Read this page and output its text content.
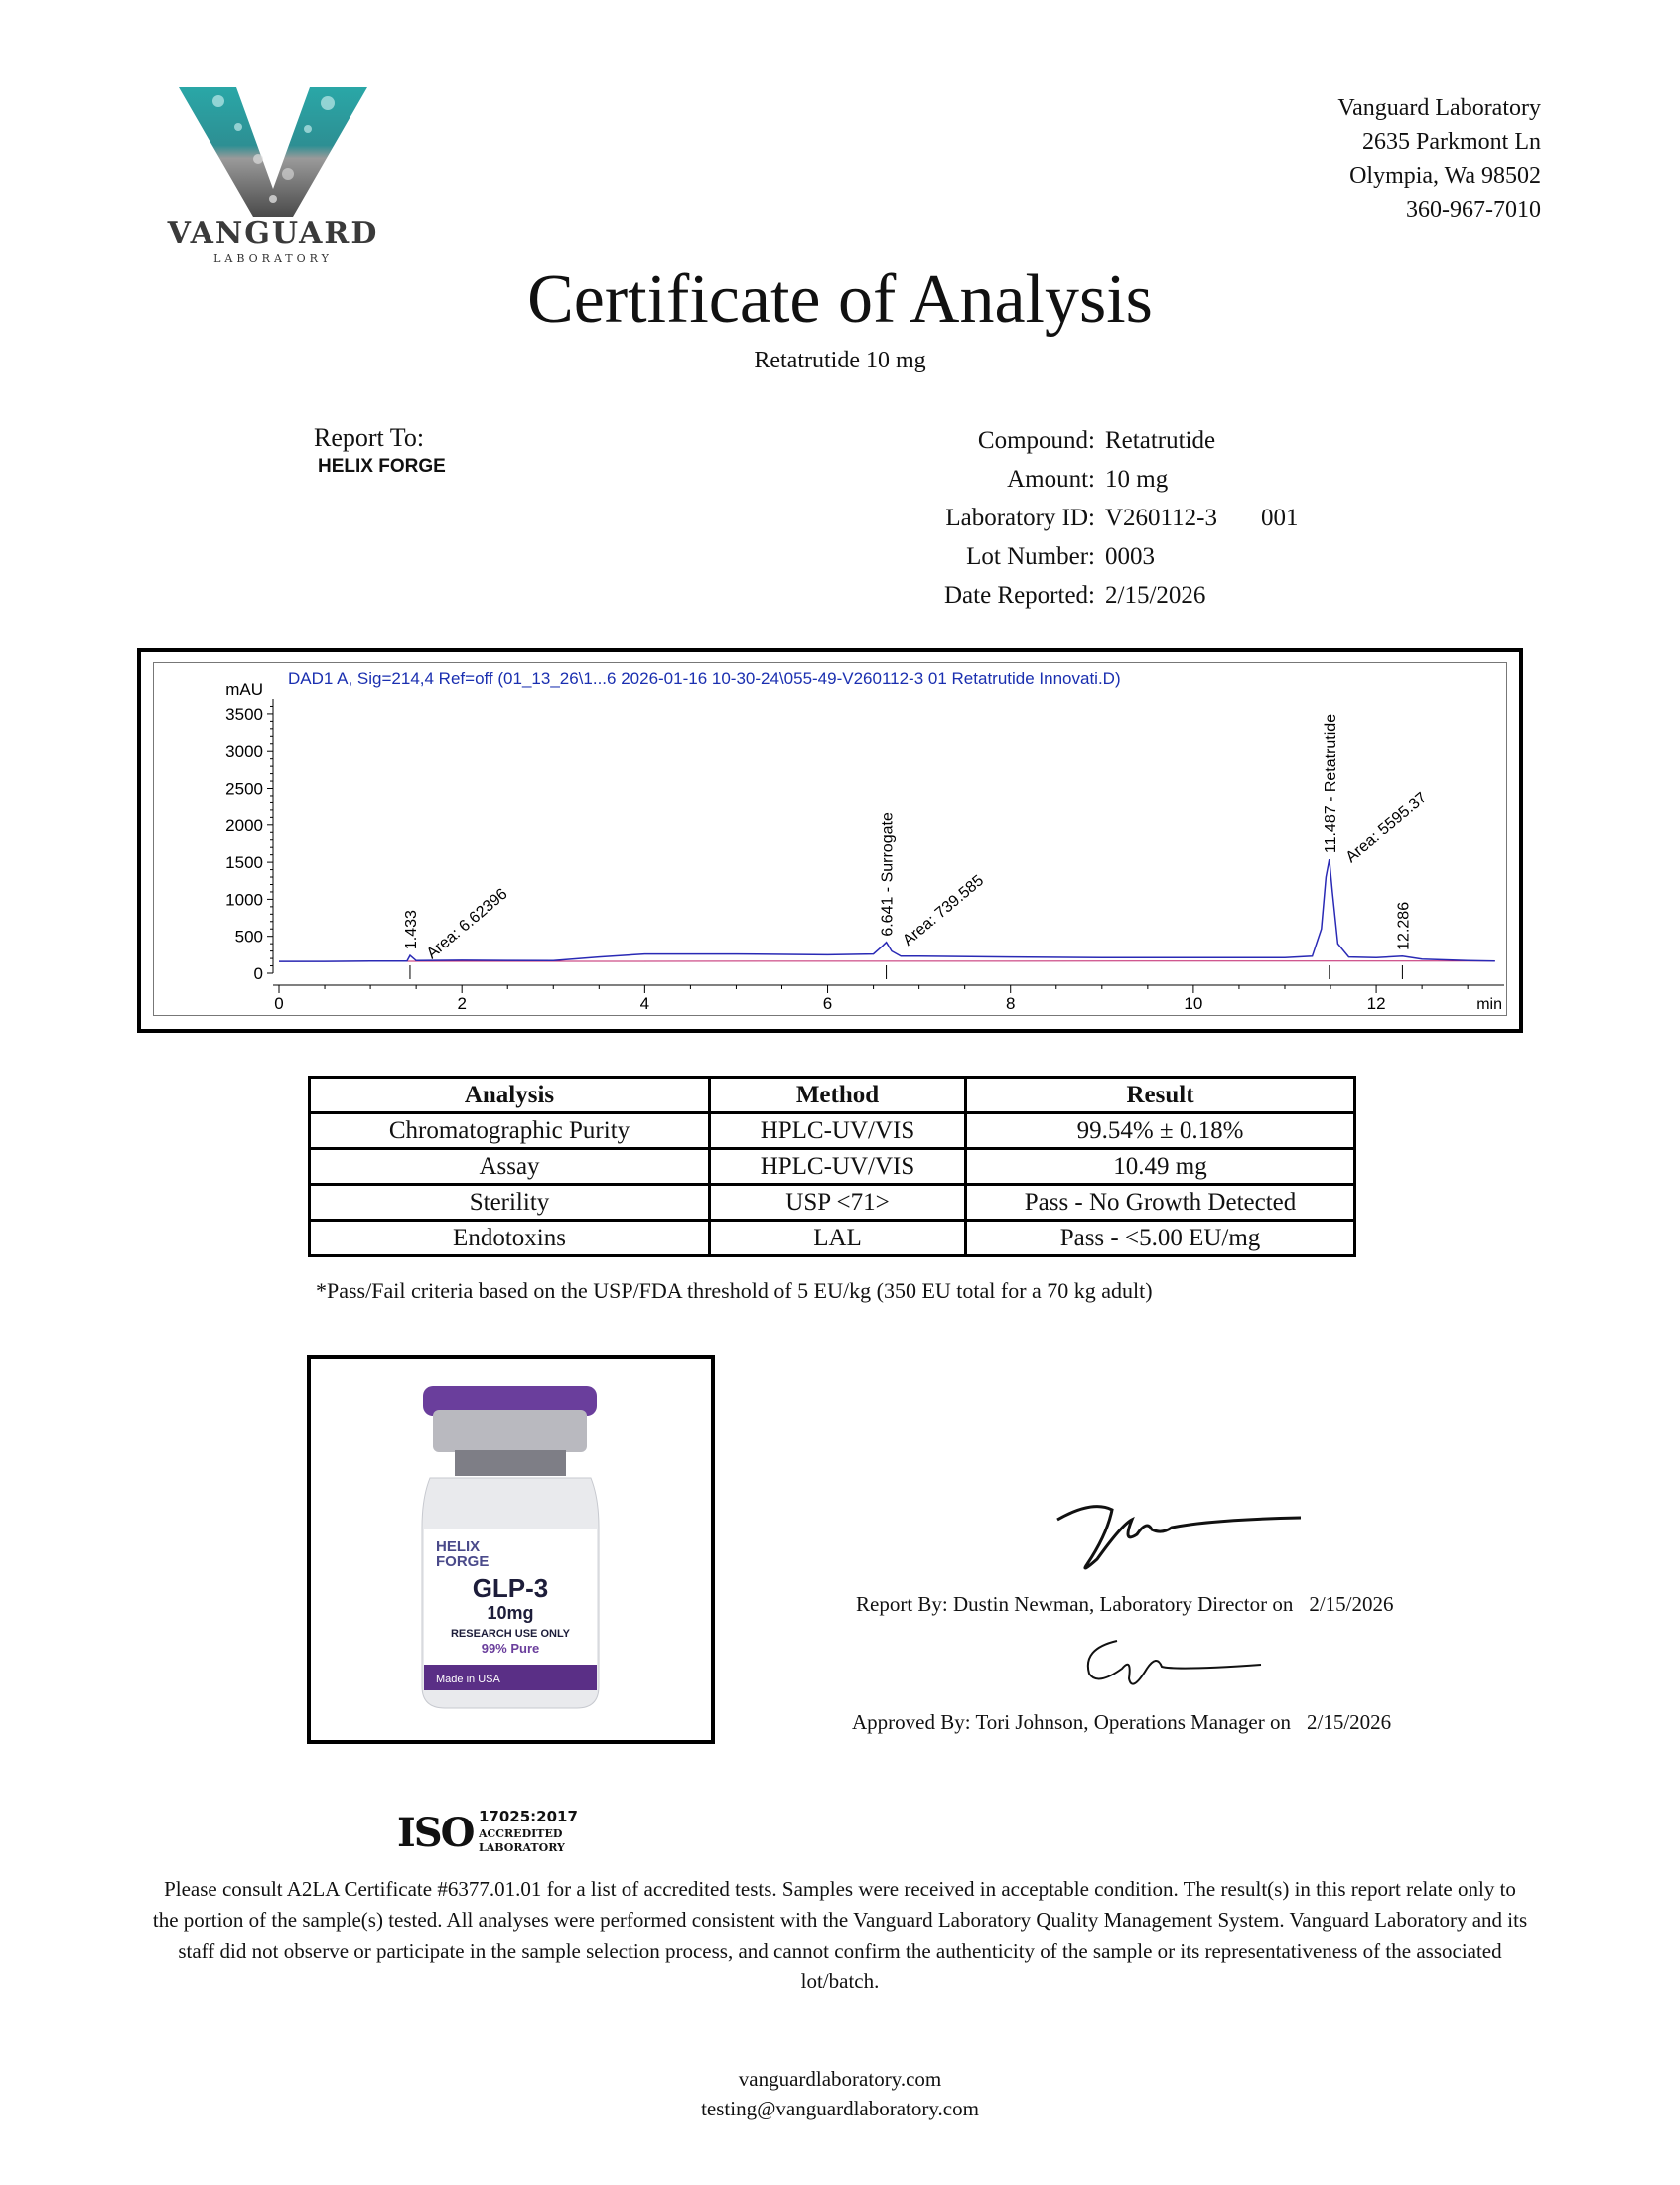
VANGUARD
LABORATORY
Vanguard Laboratory
2635 Parkmont Ln
Olympia, Wa 98502
360-967-7010
Certificate of Analysis
Retatrutide 10 mg
Report To:
HELIX FORGE
Compound: Retatrutide
Amount: 10 mg
Laboratory ID: V260112-3 001
Lot Number: 0003
Date Reported: 2/15/2026
DAD1 A, Sig=214,4 Ref=off (01_13_26\1...6 2026-01-16 10-30-24\055-49-V260112-3 01 Retatrutide Innovati.D)
0
500
1000
1500
2000
2500
3000
3500
mAU
0	2	4	6	8	10	12	min
1.433 Area: 6.62396	6.641 - Surrogate Area: 739.585
11.487 - Retatrutide Area: 5595.37
12.286
Analysis	Method	Result
Chromatographic Purity	HPLC-UV/VIS	99.54% ± 0.18%
Assay	HPLC-UV/VIS	10.49 mg
Sterility	USP <71>	Pass - No Growth Detected
Endotoxins	LAL	Pass - <5.00 EU/mg
*Pass/Fail criteria based on the USP/FDA threshold of 5 EU/kg (350 EU total for a 70 kg adult)
HELIX
FORGE
GLP-3
10mg
RESEARCH USE ONLY
99% Pure
Made in USA
Report By: Dustin Newman, Laboratory Director on 2/15/2026
Approved By: Tori Johnson, Operations Manager on 2/15/2026
ISO 17025:2017
ACCREDITED
LABORATORY
Please consult A2LA Certificate #6377.01.01 for a list of accredited tests. Samples were received in acceptable condition. The result(s) in this report relate only to the portion of the sample(s) tested. All analyses were performed consistent with the Vanguard Laboratory Quality Management System. Vanguard Laboratory and its staff did not observe or participate in the sample selection process, and cannot confirm the authenticity of the sample or its representativeness of the associated lot/batch.
vanguardlaboratory.com
testing@vanguardlaboratory.com
